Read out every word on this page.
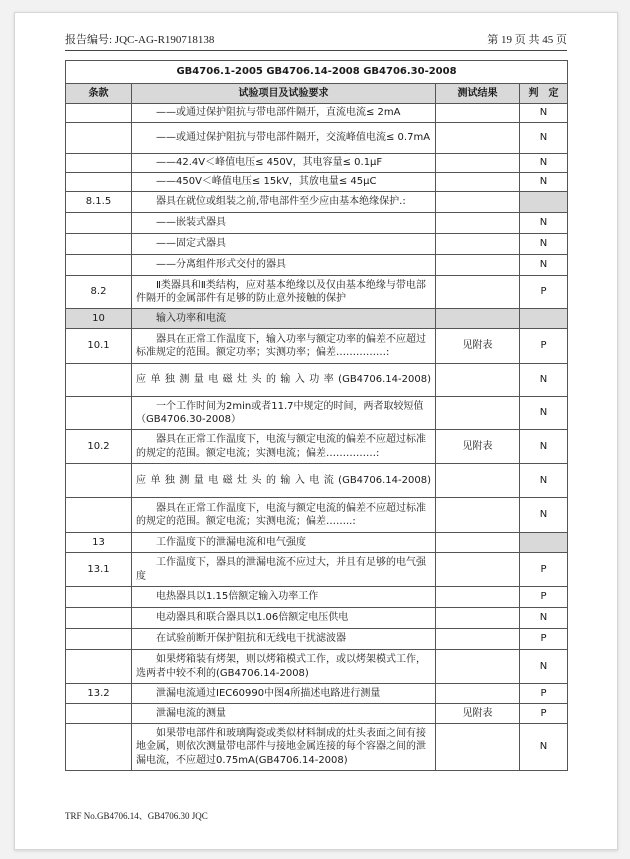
报告编号: JQC-AG-R190718138	第 19 页 共 45 页
GB4706.1-2005 GB4706.14-2008 GB4706.30-2008			
条款	试验项目及试验要求	测试结果	判　定
	——或通过保护阻抗与带电部件隔开，直流电流≤ 2mA		N
	——或通过保护阻抗与带电部件隔开，交流峰值电流≤ 0.7mA		N
	——42.4V＜峰值电压≤ 450V，其电容量≤ 0.1μF		N
	——450V＜峰值电压≤ 15kV，其放电量≤ 45μC		N
8.1.5	器具在就位或组装之前,带电部件至少应由基本绝缘保护.:		
	——嵌装式器具		N
	——固定式器具		N
	——分离组件形式交付的器具		N
8.2	Ⅱ类器具和Ⅱ类结构，应对基本绝缘以及仅由基本绝缘与带电部件隔开的金属部件有足够的防止意外接触的保护		P
10	输入功率和电流		
10.1	器具在正常工作温度下，输入功率与额定功率的偏差不应超过标准规定的范围。额定功率；实测功率；偏差……………:	见附表	P
	应单独测量电磁灶头的输入功率(GB4706.14-2008)		N
	一个工作时间为2min或者11.7中规定的时间，两者取较短值（GB4706.30-2008）		N
10.2	器具在正常工作温度下，电流与额定电流的偏差不应超过标准的规定的范围。额定电流；实测电流；偏差……………:	见附表	N
	应单独测量电磁灶头的输入电流(GB4706.14-2008)		N
	器具在正常工作温度下，电流与额定电流的偏差不应超过标准的规定的范围。额定电流；实测电流；偏差……..:		N
13	工作温度下的泄漏电流和电气强度		
13.1	工作温度下，器具的泄漏电流不应过大，并且有足够的电气强度		P
	电热器具以1.15倍额定输入功率工作		P
	电动器具和联合器具以1.06倍额定电压供电		N
	在试验前断开保护阻抗和无线电干扰滤波器		P
	如果烤箱装有烤架，则以烤箱模式工作，或以烤架模式工作，选两者中较不利的(GB4706.14-2008)		N
13.2	泄漏电流通过IEC60990中图4所描述电路进行测量		P
	泄漏电流的测量	见附表	P
	如果带电部件和玻璃陶瓷或类似材料制成的灶头表面之间有接地金属，则依次测量带电部件与接地金属连接的每个容器之间的泄漏电流，不应超过0.75mA(GB4706.14-2008)		N
TRF No.GB4706.14、GB4706.30 JQC
